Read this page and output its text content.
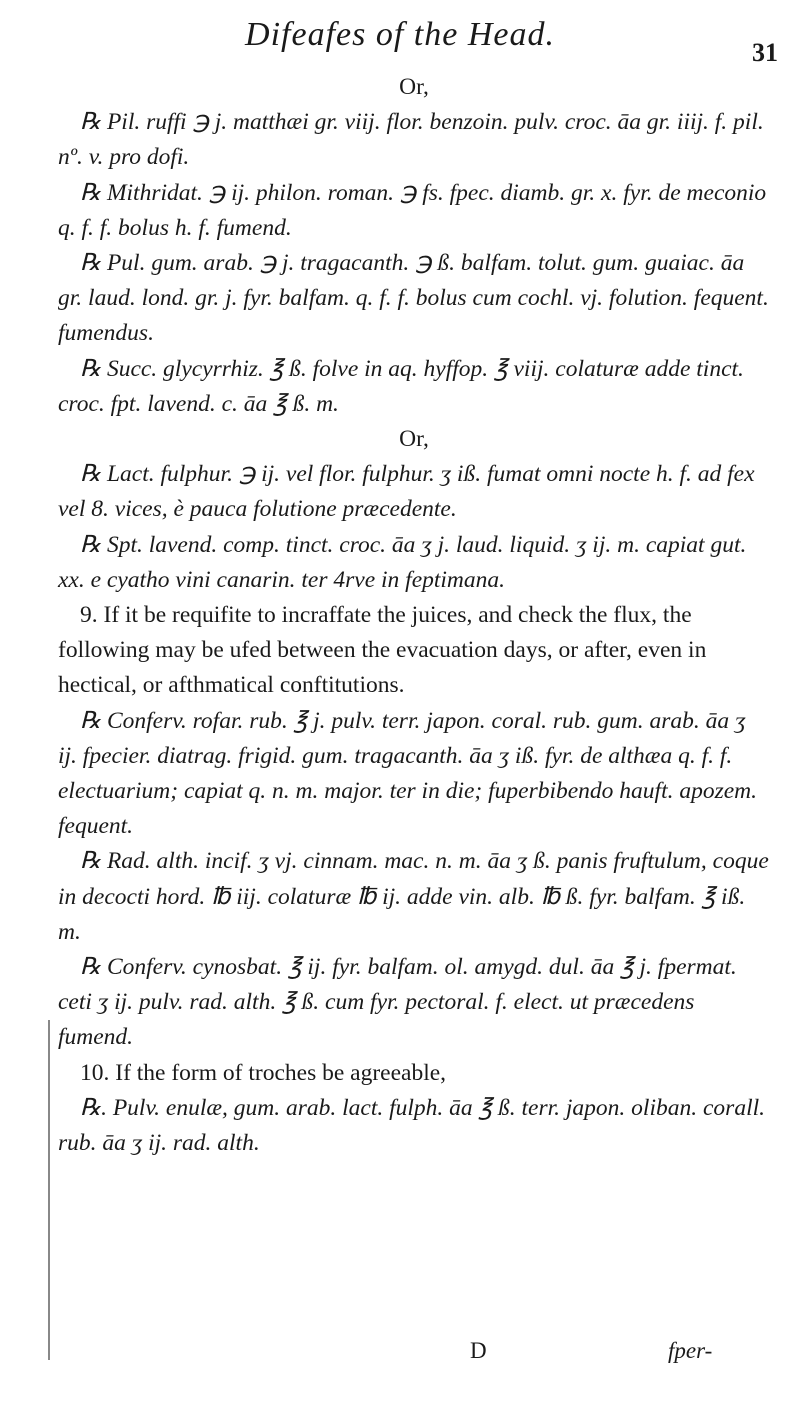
Difeafes of the Head.	31

Or,

℞ Pil. ruffi ℈ j. matthæi gr. viij. flor. benzoin. pulv. croc. āa gr. iiij. f. pil. nº. v. pro dofi.

℞ Mithridat. ℈ ij. philon. roman. ℈ fs. fpec. diamb. gr. x. fyr. de meconio q. f. f. bolus h. f. fumend.

℞ Pul. gum. arab. ℈ j. tragacanth. ℈ ß. balfam. tolut. gum. guaiac. āa gr. laud. lond. gr. j. fyr. balfam. q. f. f. bolus cum cochl. vj. folution. fequent. fumendus.

℞ Succ. glycyrrhiz. ℥ ß. folve in aq. hyffop. ℥ viij. colaturæ adde tinct. croc. fpt. lavend. c. āa ℥ ß. m.

Or,

℞ Lact. fulphur. ℈ ij. vel flor. fulphur. ʒ iß. fumat omni nocte h. f. ad fex vel 8. vices, è pauca folutione præcedente.

℞ Spt. lavend. comp. tinct. croc. āa ʒ j. laud. liquid. ʒ ij. m. capiat gut. xx. e cyatho vini canarin. ter 4rve in feptimana.

9. If it be requifite to incraffate the juices, and check the flux, the following may be ufed between the evacuation days, or after, even in hectical, or afthmatical conftitutions.

℞ Conferv. rofar. rub. ℥ j. pulv. terr. japon. coral. rub. gum. arab. āa ʒ ij. fpecier. diatrag. frigid. gum. tragacanth. āa ʒ iß. fyr. de althæa q. f. f. electuarium; capiat q. n. m. major. ter in die; fuperbibendo hauft. apozem. fequent.

℞ Rad. alth. incif. ʒ vj. cinnam. mac. n. m. āa ʒ ß. panis fruftulum, coque in decocti hord. ℔ iij. colaturæ ℔ ij. adde vin. alb. ℔ ß. fyr. balfam. ℥ iß. m.

℞ Conferv. cynosbat. ℥ ij. fyr. balfam. ol. amygd. dul. āa ℥ j. fpermat. ceti ʒ ij. pulv. rad. alth. ℥ ß. cum fyr. pectoral. f. elect. ut præcedens fumend.

10. If the form of troches be agreeable,

℞. Pulv. enulæ, gum. arab. lact. fulph. āa ℥ ß. terr. japon. oliban. corall. rub. āa ʒ ij. rad. alth.

D	fper-
